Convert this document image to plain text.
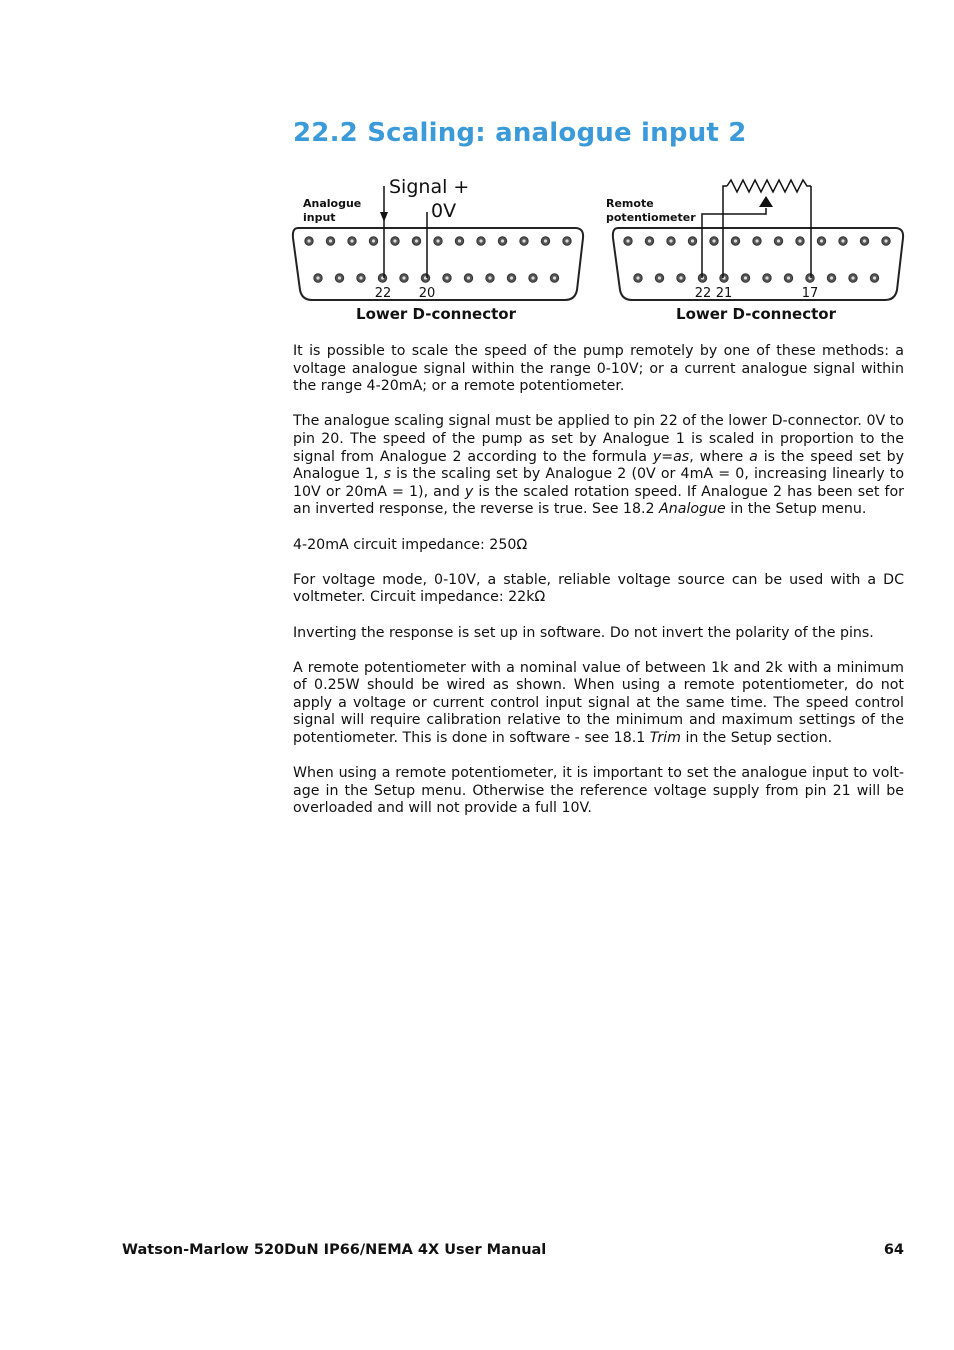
22.2 Scaling: analogue input 2
Analogue
input
Signal +
0V
22 20
Lower D-connector
Remote
potentiometer
22 21	17
Lower D-connector

It is possible to scale the speed of the pump remotely by one of these methods: a voltage analogue signal within the range 0-10V; or a current analogue signal within the range 4-20mA; or a remote potentiometer.

The analogue scaling signal must be applied to pin 22 of the lower D-connector. 0V to pin 20. The speed of the pump as set by Analogue 1 is scaled in proportion to the signal from Analogue 2 according to the formula y=as, where a is the speed set by Analogue 1, s is the scaling set by Analogue 2 (0V or 4mA = 0, increasing linearly to 10V or 20mA = 1), and y is the scaled rotation speed. If Analogue 2 has been set for an inverted response, the reverse is true. See 18.2 Analogue in the Setup menu.

4-20mA circuit impedance: 250Ω

For voltage mode, 0-10V, a stable, reliable voltage source can be used with a DC voltmeter. Circuit impedance: 22kΩ

Inverting the response is set up in software. Do not invert the polarity of the pins.

A remote potentiometer with a nominal value of between 1k and 2k with a minimum of 0.25W should be wired as shown. When using a remote potentiometer, do not apply a voltage or current control input signal at the same time. The speed control signal will require calibration relative to the minimum and maximum settings of the potentiometer. This is done in software - see 18.1 Trim in the Setup section.

When using a remote potentiometer, it is important to set the analogue input to volt-age in the Setup menu. Otherwise the reference voltage supply from pin 21 will be overloaded and will not provide a full 10V.

Watson-Marlow 520DuN IP66/NEMA 4X User Manual	64
